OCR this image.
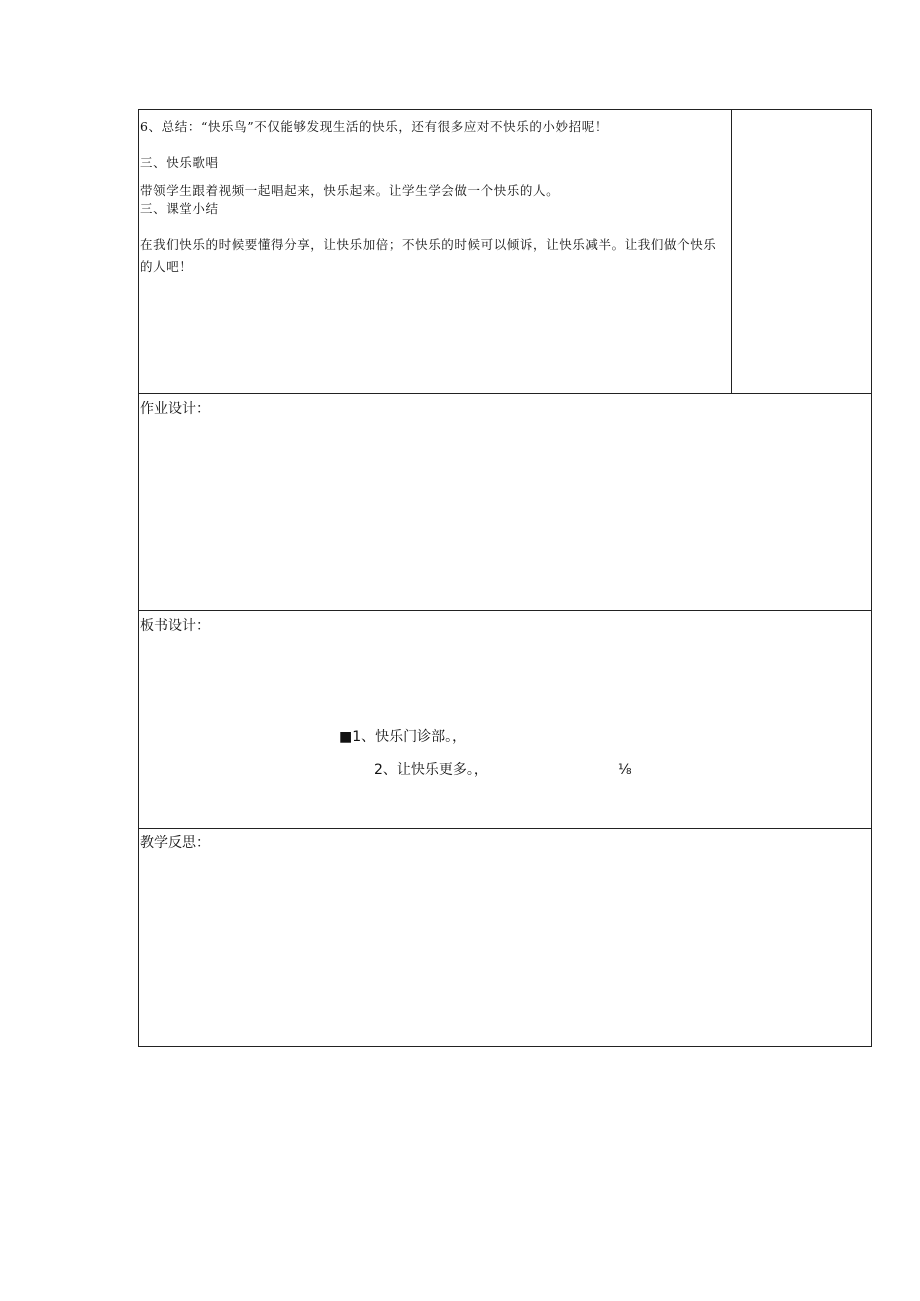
6、总结：“快乐鸟”不仅能够发现生活的快乐，还有很多应对不快乐的小妙招呢！
三、快乐歌唱
带领学生跟着视频一起唱起来，快乐起来。让学生学会做一个快乐的人。
三、课堂小结
在我们快乐的时候要懂得分享，让快乐加倍；不快乐的时候可以倾诉，让快乐减半。让我们做个快乐的人吧！
作业设计：
板书设计：
■1、快乐门诊部。，
2、让快乐更多。，	⅛
教学反思：
